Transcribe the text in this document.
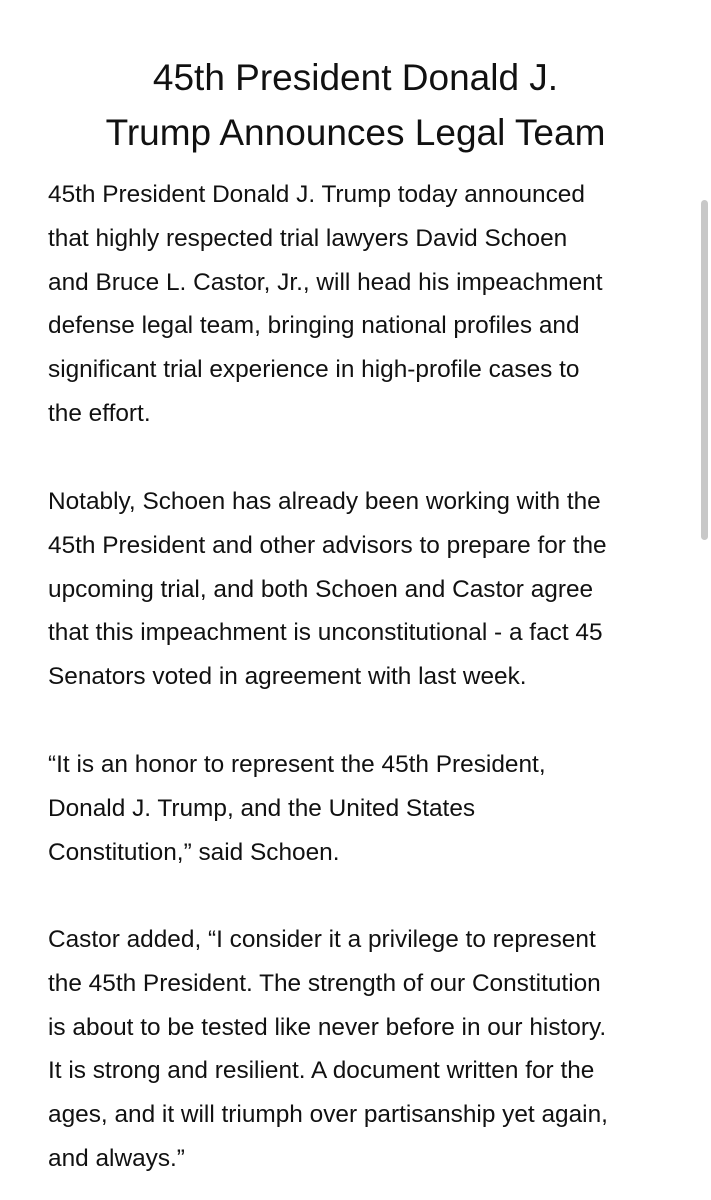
45th President Donald J.
Trump Announces Legal Team

45th President Donald J. Trump today announced
that highly respected trial lawyers David Schoen
and Bruce L. Castor, Jr., will head his impeachment
defense legal team, bringing national profiles and
significant trial experience in high-profile cases to
the effort.

Notably, Schoen has already been working with the
45th President and other advisors to prepare for the
upcoming trial, and both Schoen and Castor agree
that this impeachment is unconstitutional - a fact 45
Senators voted in agreement with last week.

“It is an honor to represent the 45th President,
Donald J. Trump, and the United States
Constitution,” said Schoen.

Castor added, “I consider it a privilege to represent
the 45th President. The strength of our Constitution
is about to be tested like never before in our history.
It is strong and resilient. A document written for the
ages, and it will triumph over partisanship yet again,
and always.”
